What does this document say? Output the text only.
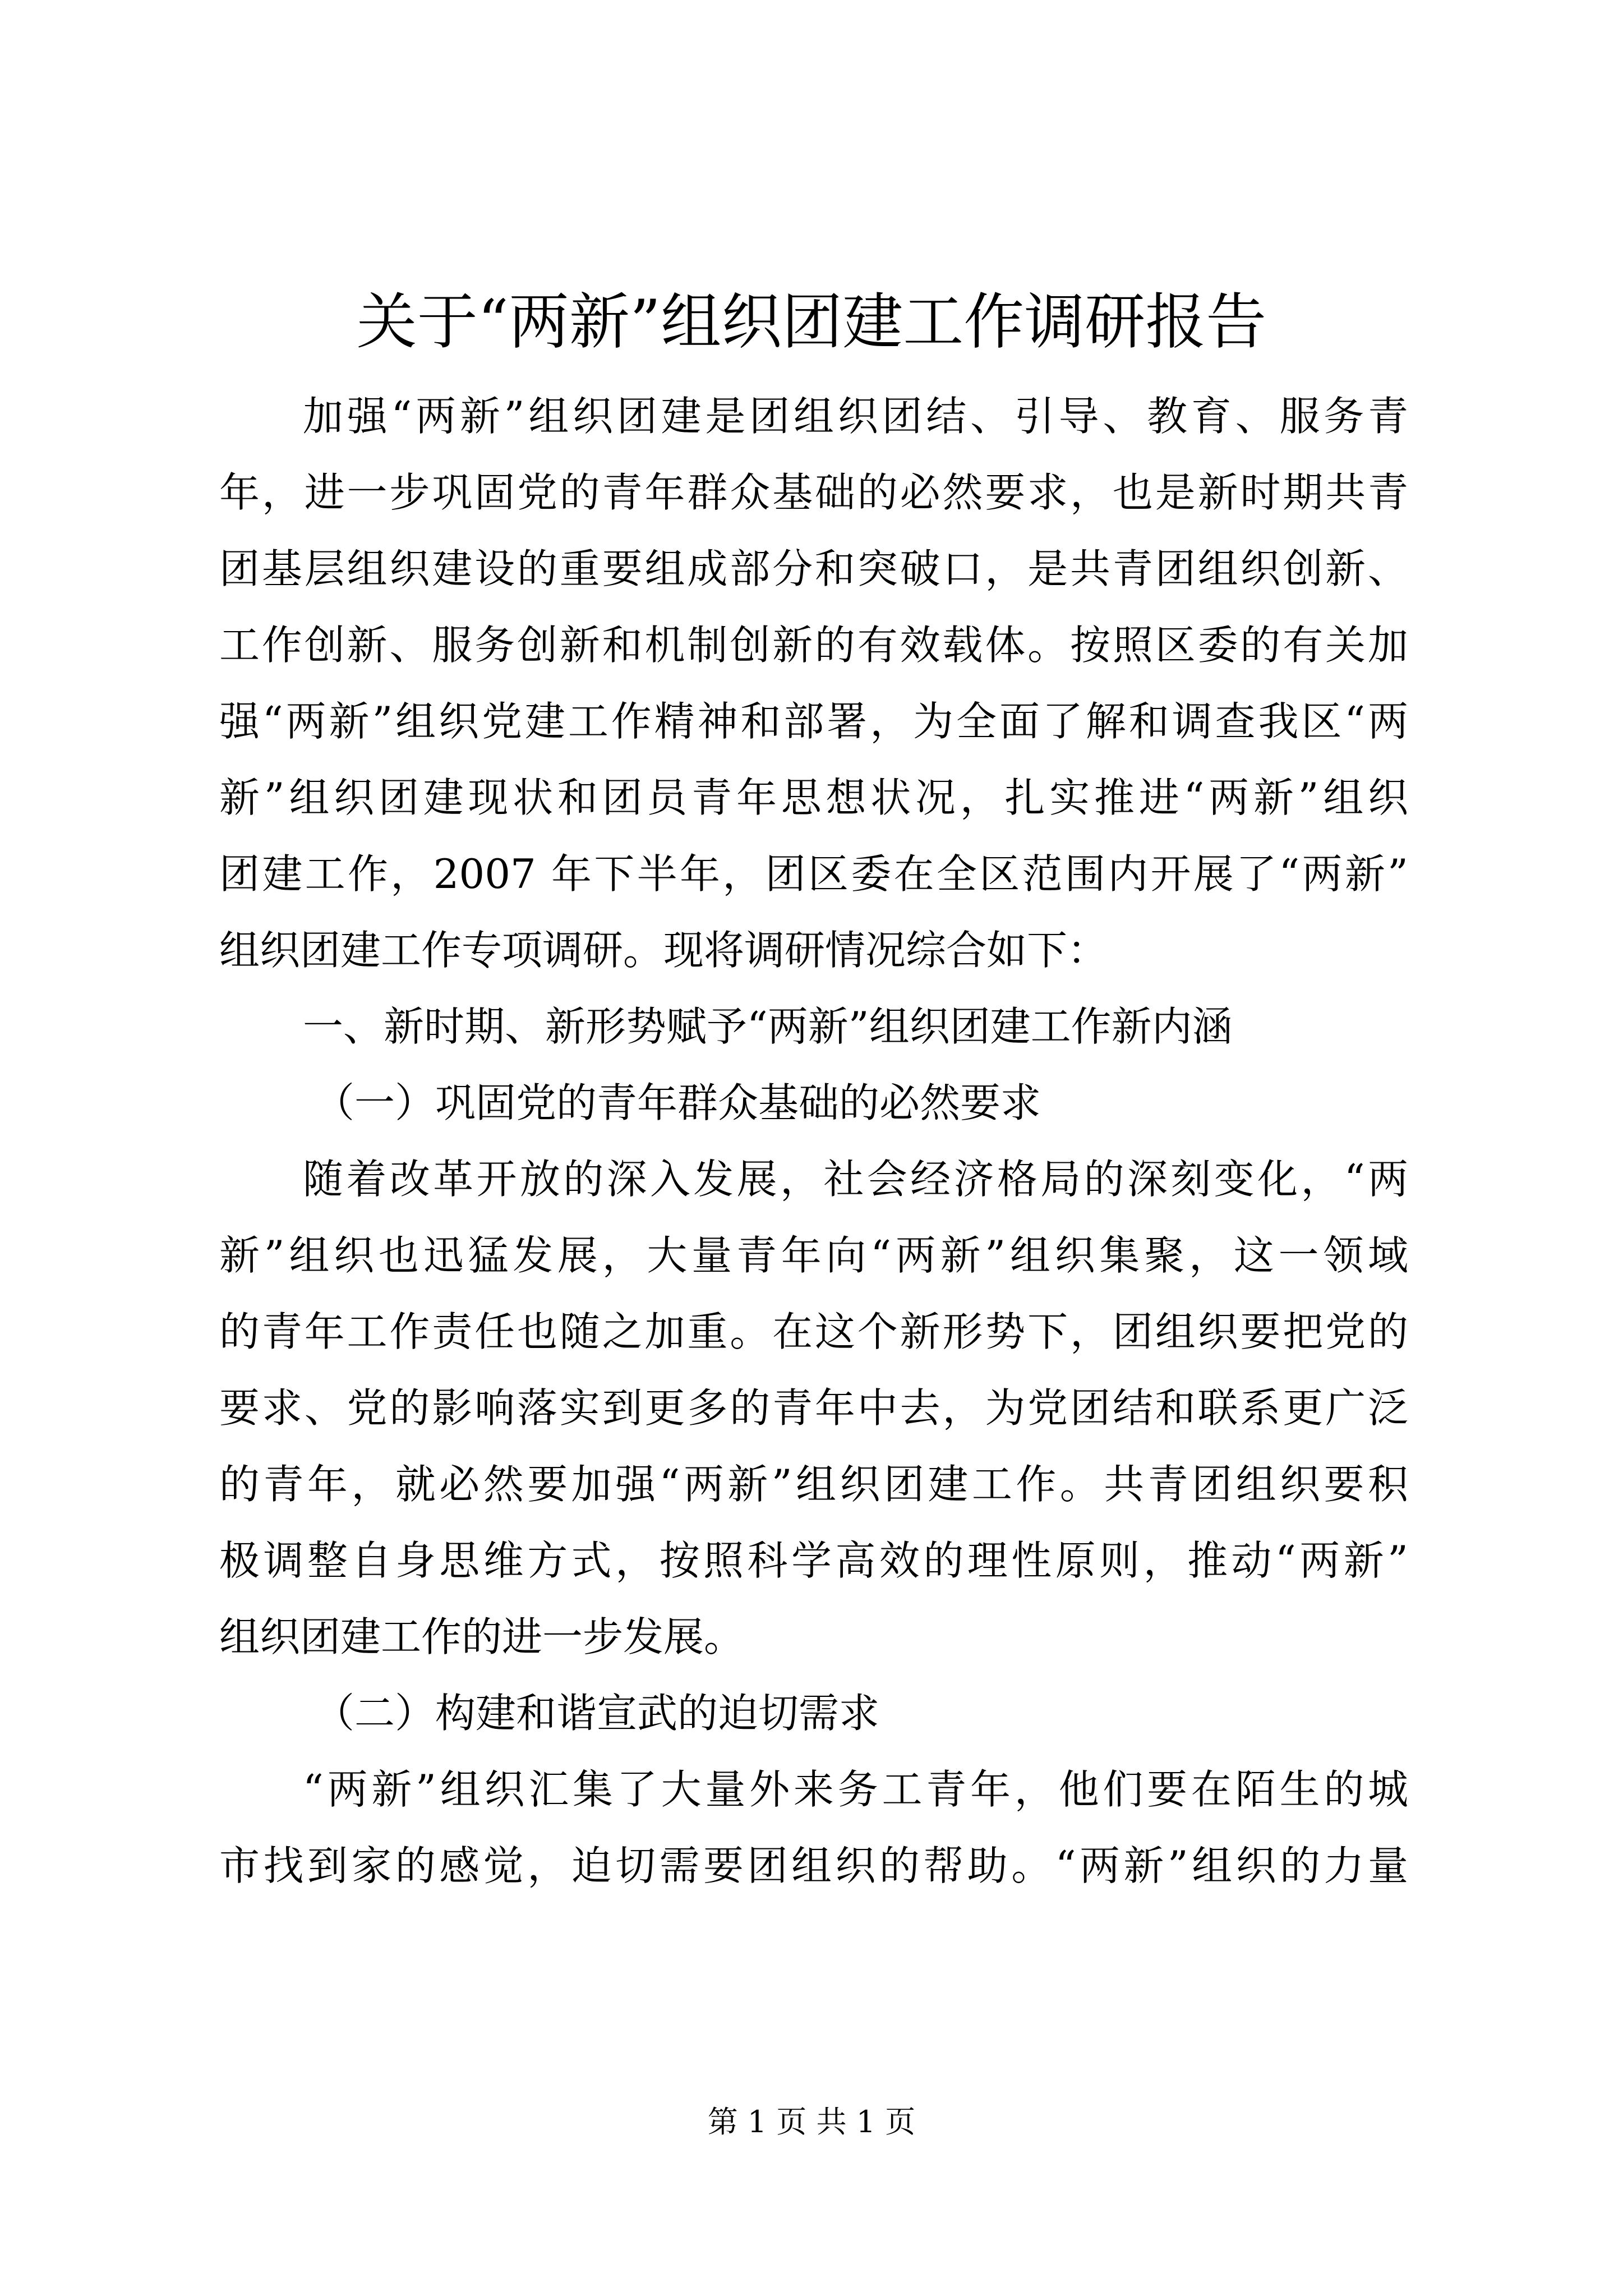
关于“两新”组织团建工作调研报告

加强“两新”组织团建是团组织团结、引导、教育、服务青

年，进一步巩固党的青年群众基础的必然要求，也是新时期共青

团基层组织建设的重要组成部分和突破口，是共青团组织创新、

工作创新、服务创新和机制创新的有效载体。按照区委的有关加

强“两新”组织党建工作精神和部署，为全面了解和调查我区“两

新”组织团建现状和团员青年思想状况，扎实推进“两新”组织

团建工作，2007 年下半年，团区委在全区范围内开展了“两新”

组织团建工作专项调研。现将调研情况综合如下：

一、新时期、新形势赋予“两新”组织团建工作新内涵

（一）巩固党的青年群众基础的必然要求

随着改革开放的深入发展，社会经济格局的深刻变化，“两

新”组织也迅猛发展，大量青年向“两新”组织集聚，这一领域

的青年工作责任也随之加重。在这个新形势下，团组织要把党的

要求、党的影响落实到更多的青年中去，为党团结和联系更广泛

的青年，就必然要加强“两新”组织团建工作。共青团组织要积

极调整自身思维方式，按照科学高效的理性原则，推动“两新”

组织团建工作的进一步发展。

（二）构建和谐宣武的迫切需求

“两新”组织汇集了大量外来务工青年，他们要在陌生的城

市找到家的感觉，迫切需要团组织的帮助。“两新”组织的力量

第 1 页 共 1 页
